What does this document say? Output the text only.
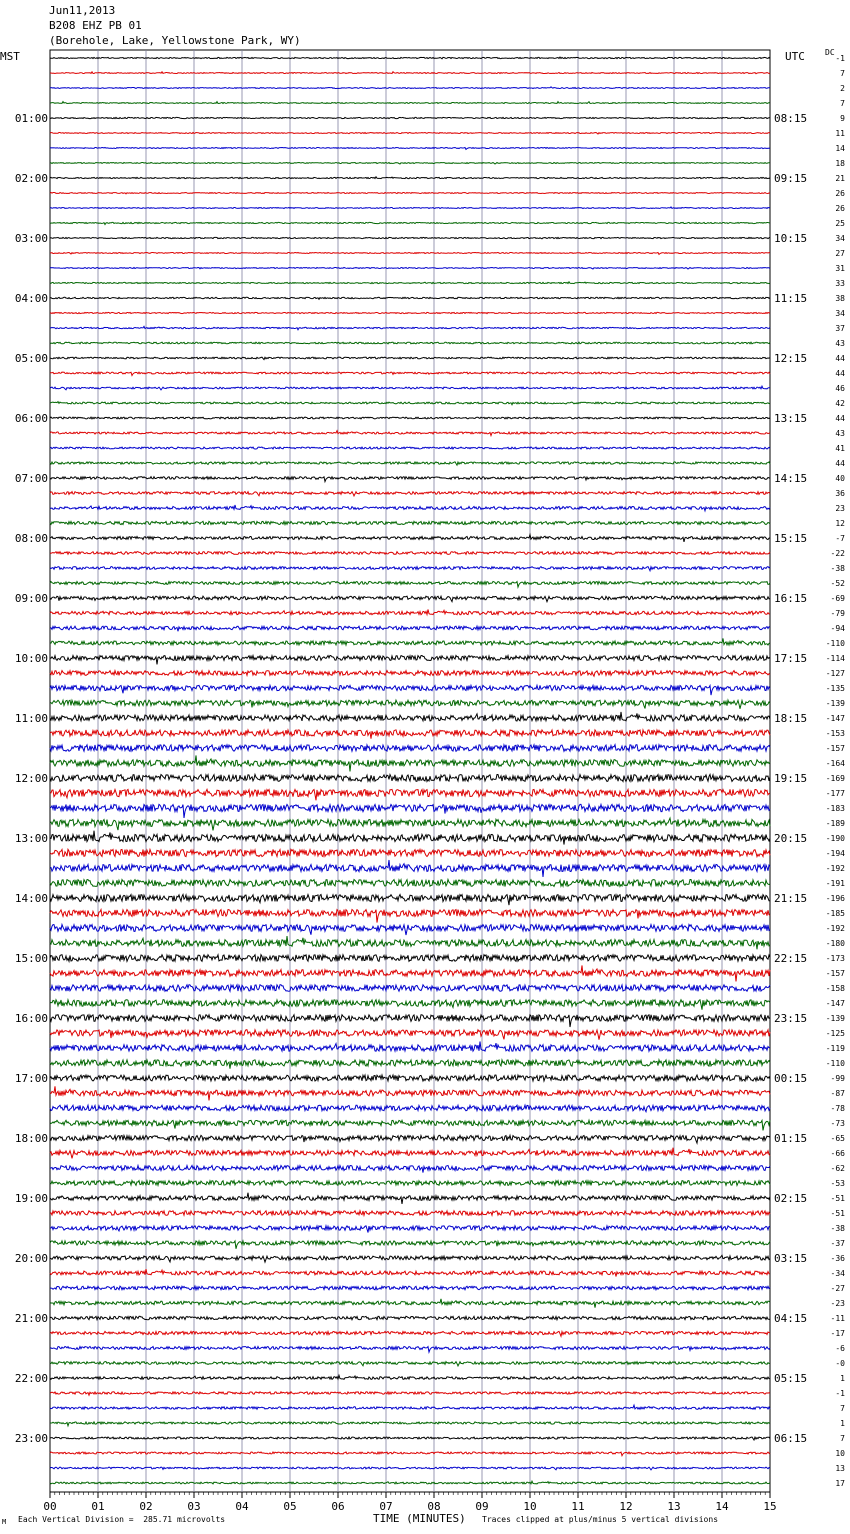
Jun11,2013
B208 EHZ PB 01
(Borehole, Lake, Yellowstone Park, WY)
MST	UTC	DC
00	01	02	03	04	05	06	07	08	09	10	11	12	13	14	15
-1
7
2
7
01:00	08:15	9
11
14
18
02:00	09:15	21
26
26
25
03:00	10:15	34
27
31
33
04:00	11:15	38
34
37
43
05:00	12:15	44
44
46
42
06:00	13:15	44
43
41
44
07:00	14:15	40
36
23
12
08:00	15:15	-7
-22
-38
-52
09:00	16:15	-69
-79
-94
-110
10:00	17:15 -114
-127
-135
-139
11:00	18:15 -147
-153
-157
-164
12:00	19:15 -169
-177
-183
-189
13:00	20:15 -190
-194
-192
-191
14:00	21:15 -196
-185
-192
-180
15:00	22:15 -173
-157
-158
-147
16:00	23:15 -139
-125
-119
-110
17:00	00:15	-99
-87
-78
-73
18:00	01:15	-65
-66
-62
-53
19:00	02:15	-51
-51
-38
-37
20:00	03:15	-36
-34
-27
-23
21:00	04:15	-11
-17
-6
-0
22:00	05:15	1
-1
7
1
23:00	06:15	7
10
13
17
M Each Vertical Division =  285.71 microvolts	TIME (MINUTES) Traces clipped at plus/minus 5 vertical divisions
